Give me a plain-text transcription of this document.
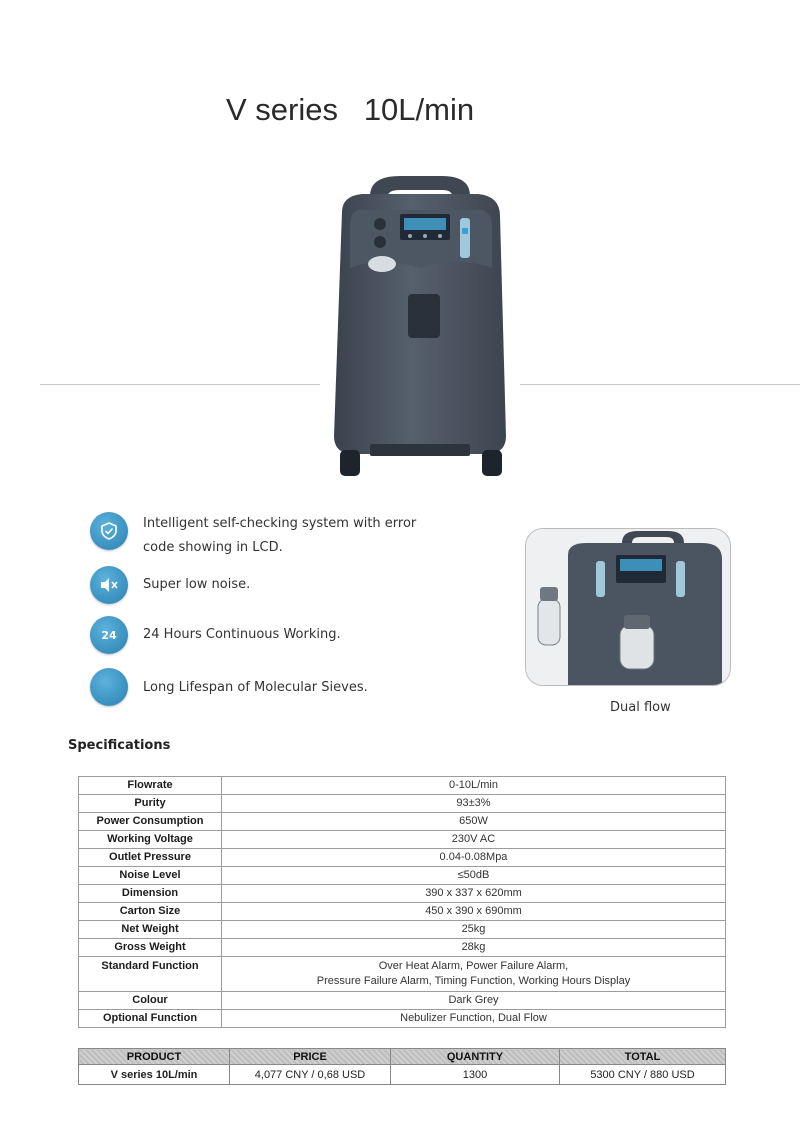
V series   10L/min
Intelligent self-checking system with error code showing in LCD.
Super low noise.
24 24 Hours Continuous Working.
Long Lifespan of Molecular Sieves.
Dual flow
Specifications
Flowrate	0-10L/min
Purity	93±3%
Power Consumption	650W
Working Voltage	230V AC
Outlet Pressure	0.04-0.08Mpa
Noise Level	≤50dB
Dimension	390 x 337 x 620mm
Carton Size	450 x 390 x 690mm
Net Weight	25kg
Gross Weight	28kg
Standard Function	Over Heat Alarm, Power Failure Alarm,
Pressure Failure Alarm, Timing Function, Working Hours Display

Colour	Dark Grey
Optional Function	Nebulizer Function, Dual Flow
PRODUCT	PRICE	QUANTITY	TOTAL
V series 10L/min	4,077 CNY / 0,68 USD	1300	5300 CNY / 880 USD
